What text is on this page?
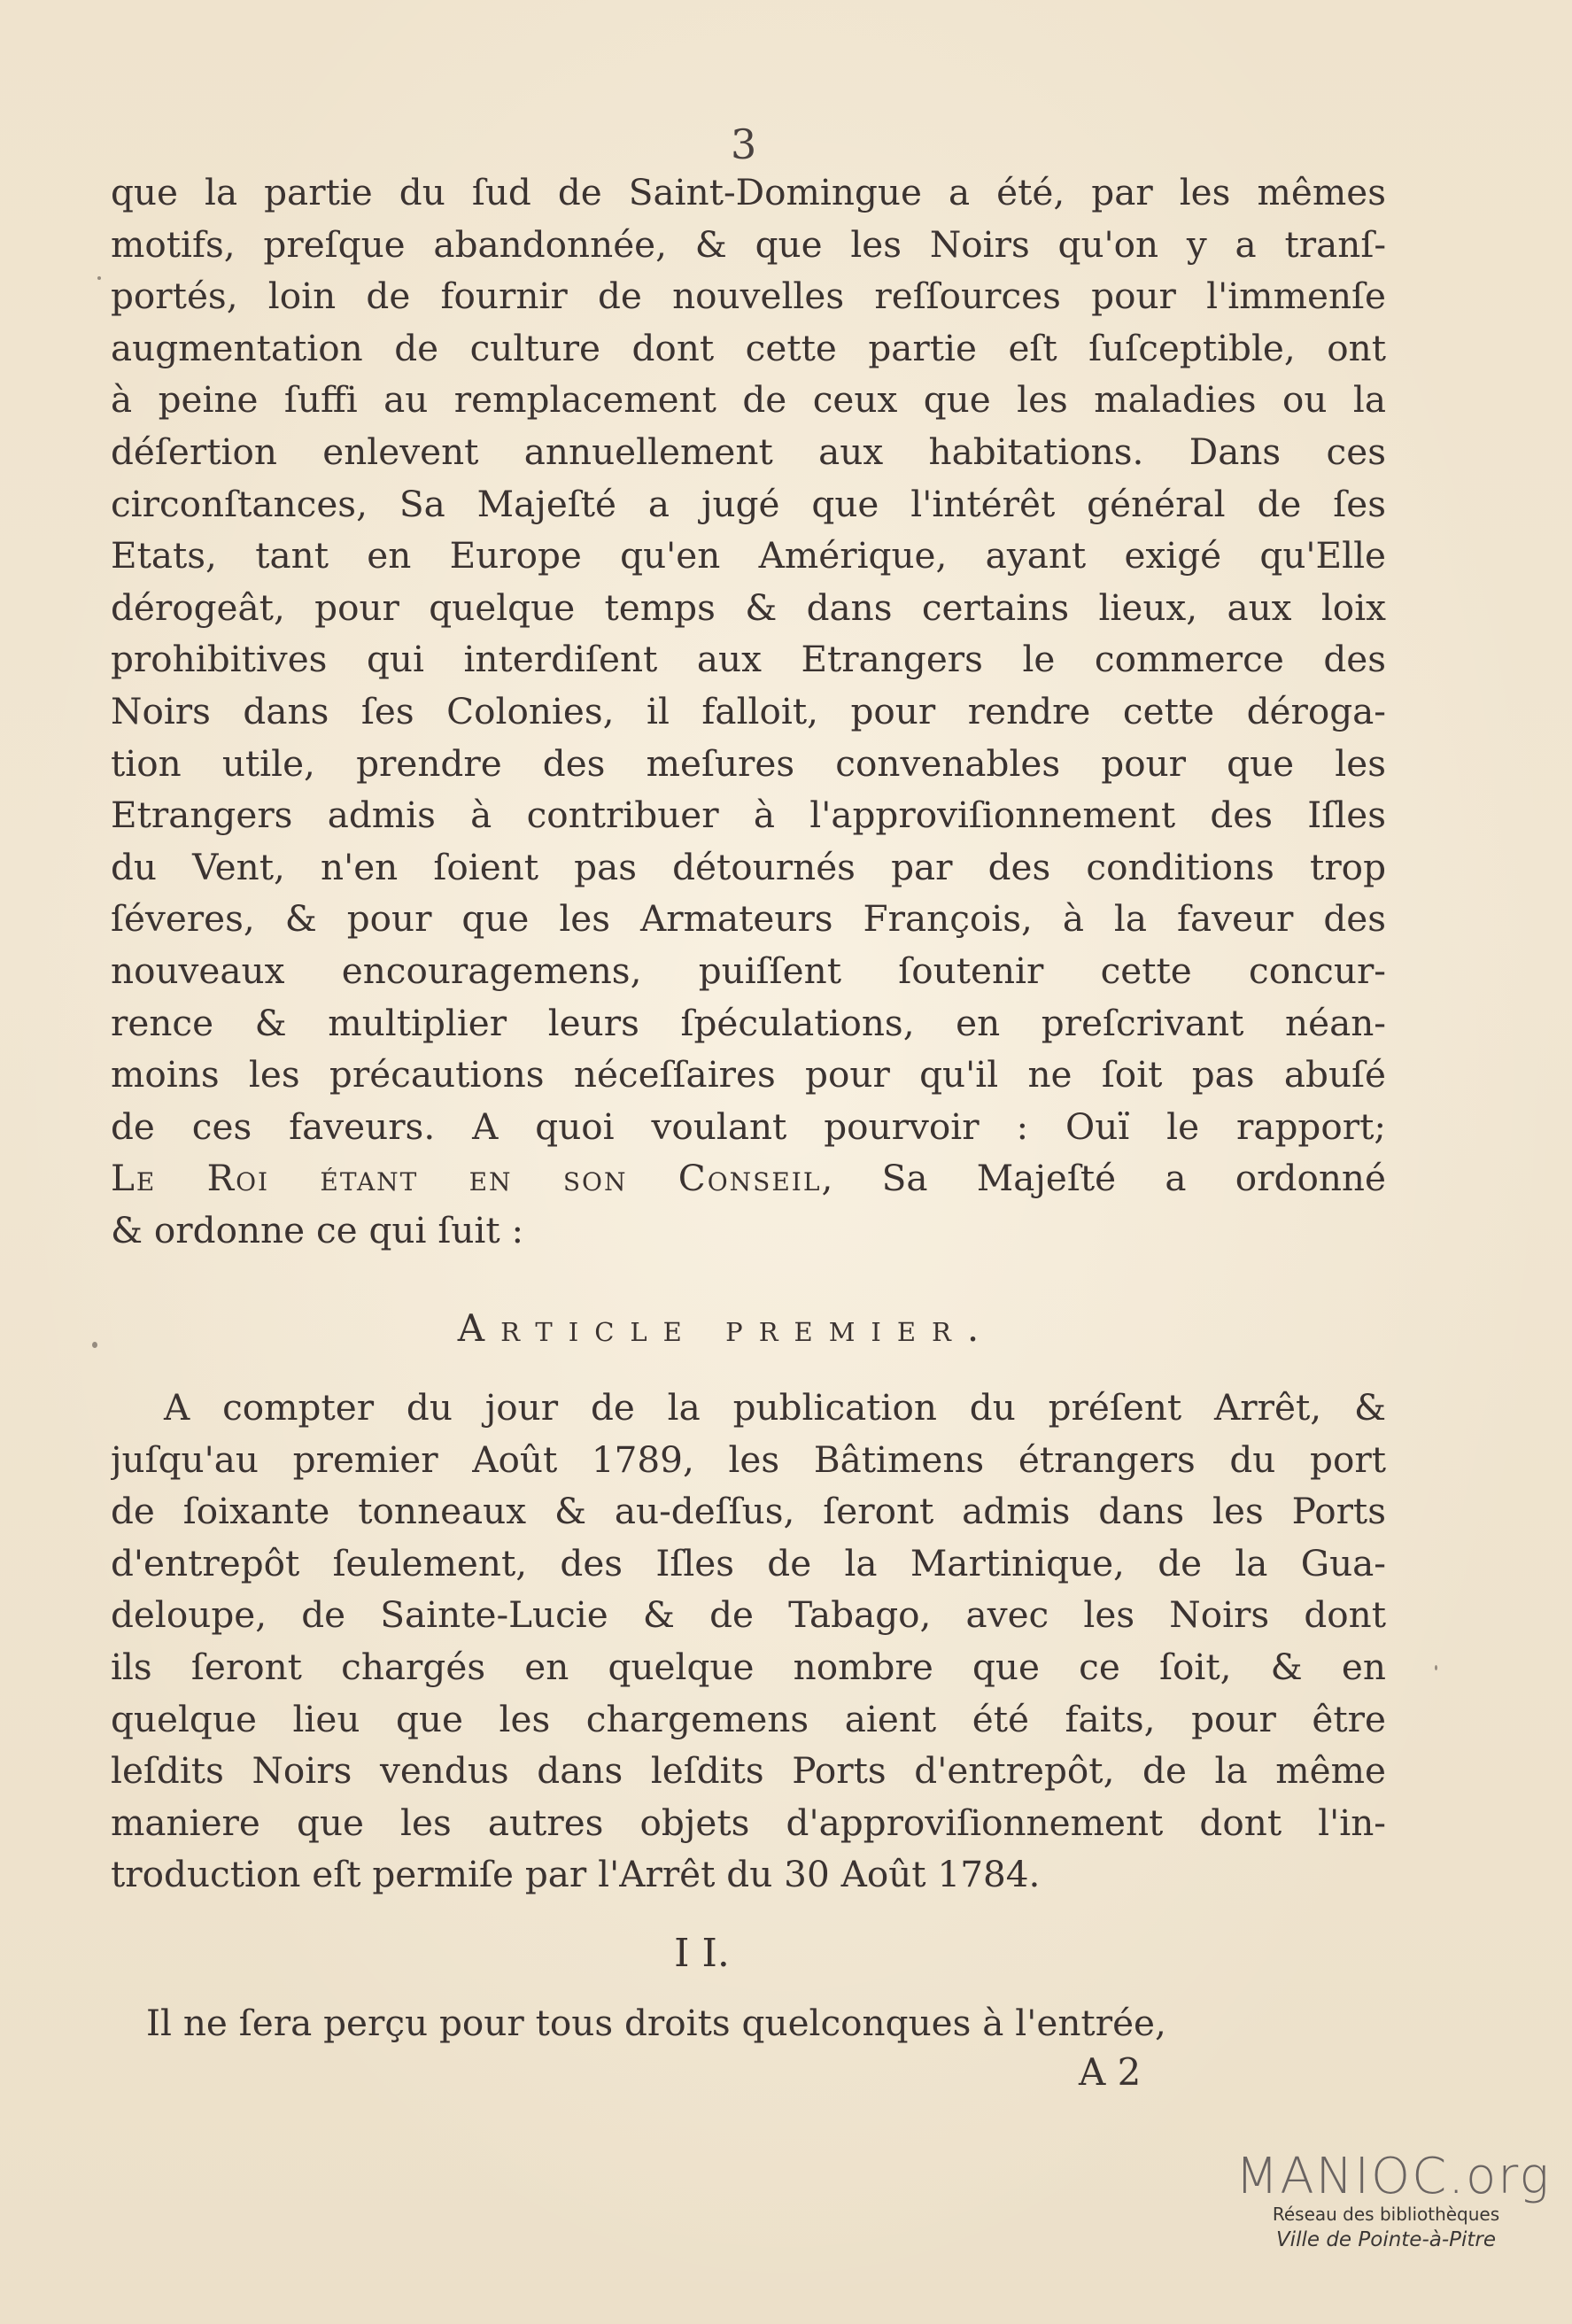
3
que la partie du ſud de Saint-Domingue a été, par les mêmes
motifs, preſque abandonnée, & que les Noirs qu'on y a tranſ-
portés, loin de fournir de nouvelles reſſources pour l'immenſe
augmentation de culture dont cette partie eſt ſuſceptible, ont
à peine ſuffi au remplacement de ceux que les maladies ou la
déſertion enlevent annuellement aux habitations. Dans ces
circonſtances, Sa Majeſté a jugé que l'intérêt général de ſes
Etats, tant en Europe qu'en Amérique, ayant exigé qu'Elle
dérogeât, pour quelque temps & dans certains lieux, aux loix
prohibitives qui interdiſent aux Etrangers le commerce des
Noirs dans ſes Colonies, il falloit, pour rendre cette déroga-
tion utile, prendre des meſures convenables pour que les
Etrangers admis à contribuer à l'approviſionnement des Iſles
du Vent, n'en ſoient pas détournés par des conditions trop
ſéveres, & pour que les Armateurs François, à la faveur des
nouveaux encouragemens, puiſſent ſoutenir cette concur-
rence & multiplier leurs ſpéculations, en preſcrivant néan-
moins les précautions néceſſaires pour qu'il ne ſoit pas abuſé
de ces faveurs. A quoi voulant pourvoir : Ouï le rapport;
Le Roi étant en son Conseil, Sa Majeſté a ordonné
& ordonne ce qui ſuit :
Article premier.
A compter du jour de la publication du préſent Arrêt, &
juſqu'au premier Août 1789, les Bâtimens étrangers du port
de ſoixante tonneaux & au-deſſus, ſeront admis dans les Ports
d'entrepôt ſeulement, des Iſles de la Martinique, de la Gua-
deloupe, de Sainte-Lucie & de Tabago, avec les Noirs dont
ils ſeront chargés en quelque nombre que ce ſoit, & en
quelque lieu que les chargemens aient été faits, pour être
leſdits Noirs vendus dans leſdits Ports d'entrepôt, de la même
maniere que les autres objets d'approviſionnement dont l'in-
troduction eſt permiſe par l'Arrêt du 30 Août 1784.
I I.
Il ne ſera perçu pour tous droits quelconques à l'entrée,
A 2
MANIOC.org
Réseau des bibliothèques
Ville de Pointe-à-Pitre
